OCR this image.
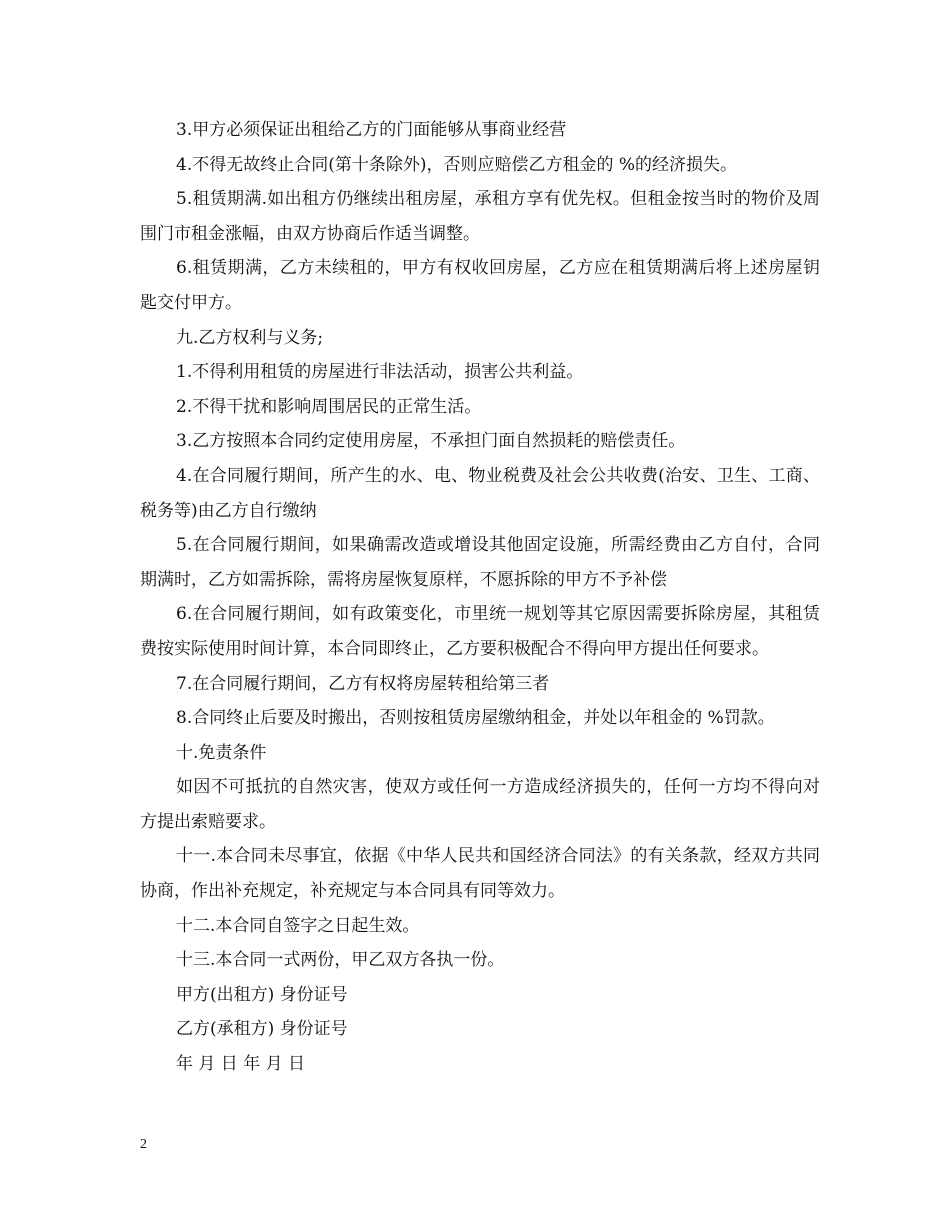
3.甲方必须保证出租给乙方的门面能够从事商业经营

4.不得无故终止合同(第十条除外)，否则应赔偿乙方租金的 %的经济损失。

5.租赁期满.如出租方仍继续出租房屋，承租方享有优先权。但租金按当时的物价及周围门市租金涨幅，由双方协商后作适当调整。

6.租赁期满，乙方未续租的，甲方有权收回房屋，乙方应在租赁期满后将上述房屋钥匙交付甲方。

九.乙方权利与义务;

1.不得利用租赁的房屋进行非法活动，损害公共利益。

2.不得干扰和影响周围居民的正常生活。

3.乙方按照本合同约定使用房屋，不承担门面自然损耗的赔偿责任。

4.在合同履行期间，所产生的水、电、物业税费及社会公共收费(治安、卫生、工商、税务等)由乙方自行缴纳

5.在合同履行期间，如果确需改造或增设其他固定设施，所需经费由乙方自付，合同期满时，乙方如需拆除，需将房屋恢复原样，不愿拆除的甲方不予补偿

6.在合同履行期间，如有政策变化，市里统一规划等其它原因需要拆除房屋，其租赁费按实际使用时间计算，本合同即终止，乙方要积极配合不得向甲方提出任何要求。

7.在合同履行期间，乙方有权将房屋转租给第三者

8.合同终止后要及时搬出，否则按租赁房屋缴纳租金，并处以年租金的 %罚款。

十.免责条件

如因不可抵抗的自然灾害，使双方或任何一方造成经济损失的，任何一方均不得向对方提出索赔要求。

十一.本合同未尽事宜，依据《中华人民共和国经济合同法》的有关条款，经双方共同协商，作出补充规定，补充规定与本合同具有同等效力。

十二.本合同自签字之日起生效。

十三.本合同一式两份，甲乙双方各执一份。

甲方(出租方) 身份证号

乙方(承租方) 身份证号

年 月 日 年 月 日

2
